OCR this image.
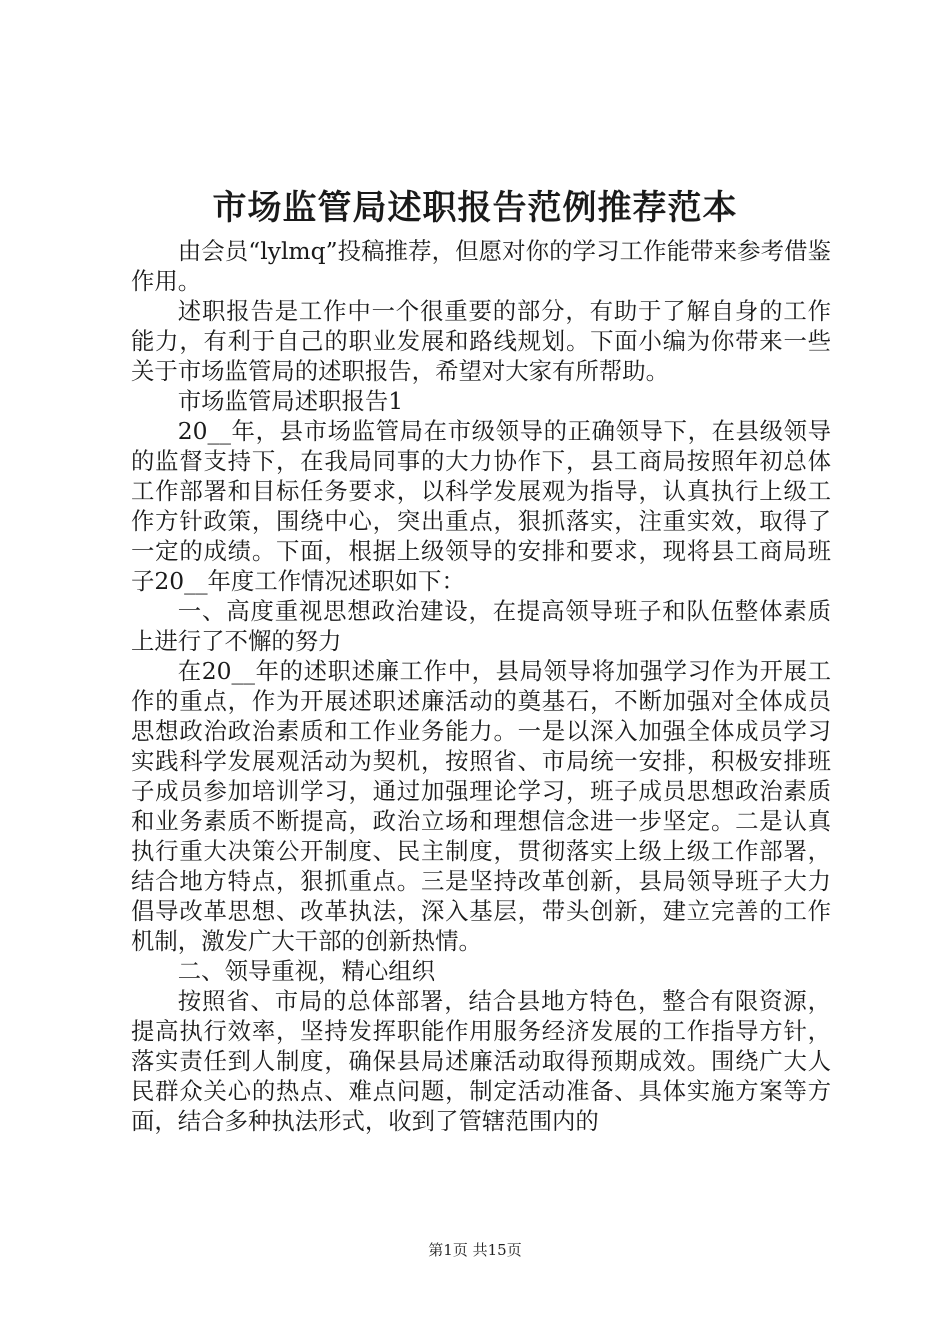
市场监管局述职报告范例推荐范本

由会员“lylmq”投稿推荐，但愿对你的学习工作能带来参考借鉴作用。

述职报告是工作中一个很重要的部分，有助于了解自身的工作能力，有利于自己的职业发展和路线规划。下面小编为你带来一些关于市场监管局的述职报告，希望对大家有所帮助。

市场监管局述职报告1

20__年，县市场监管局在市级领导的正确领导下，在县级领导的监督支持下，在我局同事的大力协作下，县工商局按照年初总体工作部署和目标任务要求，以科学发展观为指导，认真执行上级工作方针政策，围绕中心，突出重点，狠抓落实，注重实效，取得了一定的成绩。下面，根据上级领导的安排和要求，现将县工商局班子20__年度工作情况述职如下：

一、高度重视思想政治建设，在提高领导班子和队伍整体素质上进行了不懈的努力

在20__年的述职述廉工作中，县局领导将加强学习作为开展工作的重点，作为开展述职述廉活动的奠基石，不断加强对全体成员思想政治政治素质和工作业务能力。一是以深入加强全体成员学习实践科学发展观活动为契机，按照省、市局统一安排，积极安排班子成员参加培训学习，通过加强理论学习，班子成员思想政治素质和业务素质不断提高，政治立场和理想信念进一步坚定。二是认真执行重大决策公开制度、民主制度，贯彻落实上级上级工作部署，结合地方特点，狠抓重点。三是坚持改革创新，县局领导班子大力倡导改革思想、改革执法，深入基层，带头创新，建立完善的工作机制，激发广大干部的创新热情。

二、领导重视，精心组织

按照省、市局的总体部署，结合县地方特色，整合有限资源，提高执行效率，坚持发挥职能作用服务经济发展的工作指导方针，落实责任到人制度，确保县局述廉活动取得预期成效。围绕广大人民群众关心的热点、难点问题，制定活动准备、具体实施方案等方面，结合多种执法形式，收到了管辖范围内的

第1页 共15页
